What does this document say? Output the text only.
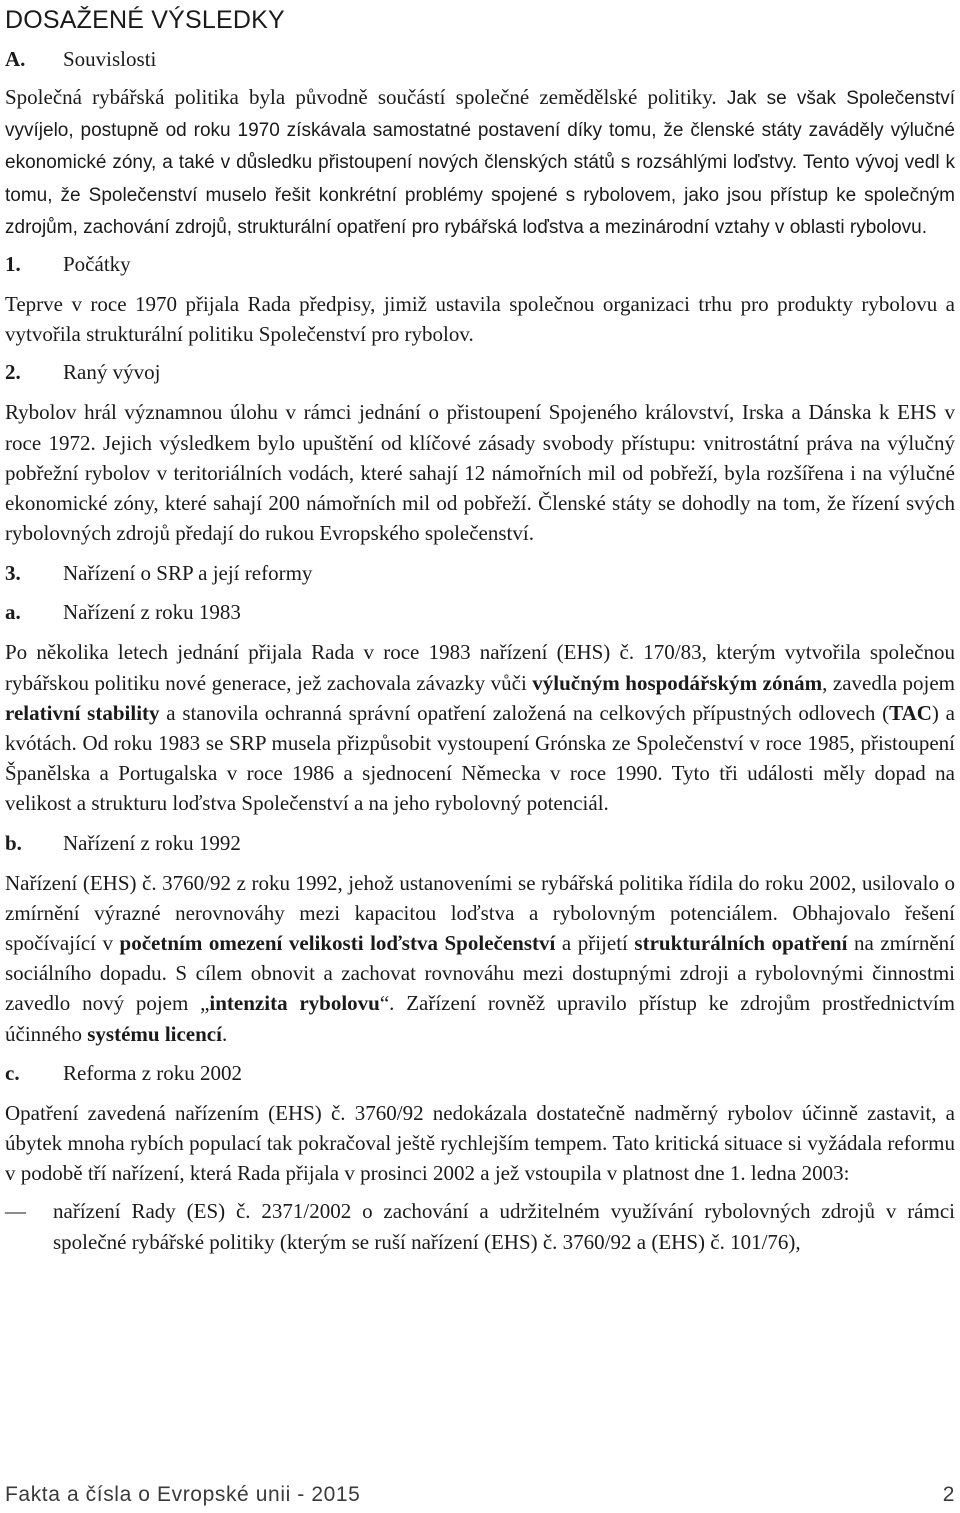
DOSAŽENÉ VÝSLEDKY
A. Souvislosti

Společná rybářská politika byla původně součástí společné zemědělské politiky. Jak se však Společenství vyvíjelo, postupně od roku 1970 získávala samostatné postavení díky tomu, že členské státy zaváděly výlučné ekonomické zóny, a také v důsledku přistoupení nových členských států s rozsáhlými loďstvy. Tento vývoj vedl k tomu, že Společenství muselo řešit konkrétní problémy spojené s rybolovem, jako jsou přístup ke společným zdrojům, zachování zdrojů, strukturální opatření pro rybářská loďstva a mezinárodní vztahy v oblasti rybolovu.

1. Počátky

Teprve v roce 1970 přijala Rada předpisy, jimiž ustavila společnou organizaci trhu pro produkty rybolovu a vytvořila strukturální politiku Společenství pro rybolov.

2. Raný vývoj

Rybolov hrál významnou úlohu v rámci jednání o přistoupení Spojeného království, Irska a Dánska k EHS v roce 1972. Jejich výsledkem bylo upuštění od klíčové zásady svobody přístupu: vnitrostátní práva na výlučný pobřežní rybolov v teritoriálních vodách, které sahají 12 námořních mil od pobřeží, byla rozšířena i na výlučné ekonomické zóny, které sahají 200 námořních mil od pobřeží. Členské státy se dohodly na tom, že řízení svých rybolovných zdrojů předají do rukou Evropského společenství.

3. Nařízení o SRP a její reformy
a. Nařízení z roku 1983

Po několika letech jednání přijala Rada v roce 1983 nařízení (EHS) č. 170/83, kterým vytvořila společnou rybářskou politiku nové generace, jež zachovala závazky vůči výlučným hospodářským zónám, zavedla pojem relativní stability a stanovila ochranná správní opatření založená na celkových přípustných odlovech (TAC) a kvótách. Od roku 1983 se SRP musela přizpůsobit vystoupení Grónska ze Společenství v roce 1985, přistoupení Španělska a Portugalska v roce 1986 a sjednocení Německa v roce 1990. Tyto tři události měly dopad na velikost a strukturu loďstva Společenství a na jeho rybolovný potenciál.

b. Nařízení z roku 1992

Nařízení (EHS) č. 3760/92 z roku 1992, jehož ustanoveními se rybářská politika řídila do roku 2002, usilovalo o zmírnění výrazné nerovnováhy mezi kapacitou loďstva a rybolovným potenciálem. Obhajovalo řešení spočívající v početním omezení velikosti loďstva Společenství a přijetí strukturálních opatření na zmírnění sociálního dopadu. S cílem obnovit a zachovat rovnováhu mezi dostupnými zdroji a rybolovnými činnostmi zavedlo nový pojem „intenzita rybolovu“. Zařízení rovněž upravilo přístup ke zdrojům prostřednictvím účinného systému licencí.

c. Reforma z roku 2002

Opatření zavedená nařízením (EHS) č. 3760/92 nedokázala dostatečně nadměrný rybolov účinně zastavit, a úbytek mnoha rybích populací tak pokračoval ještě rychlejším tempem. Tato kritická situace si vyžádala reformu v podobě tří nařízení, která Rada přijala v prosinci 2002 a jež vstoupila v platnost dne 1. ledna 2003:

— nařízení Rady (ES) č. 2371/2002 o zachování a udržitelném využívání rybolovných zdrojů v rámci společné rybářské politiky (kterým se ruší nařízení (EHS) č. 3760/92 a (EHS) č. 101/76),
Fakta a čísla o Evropské unii - 2015	2
